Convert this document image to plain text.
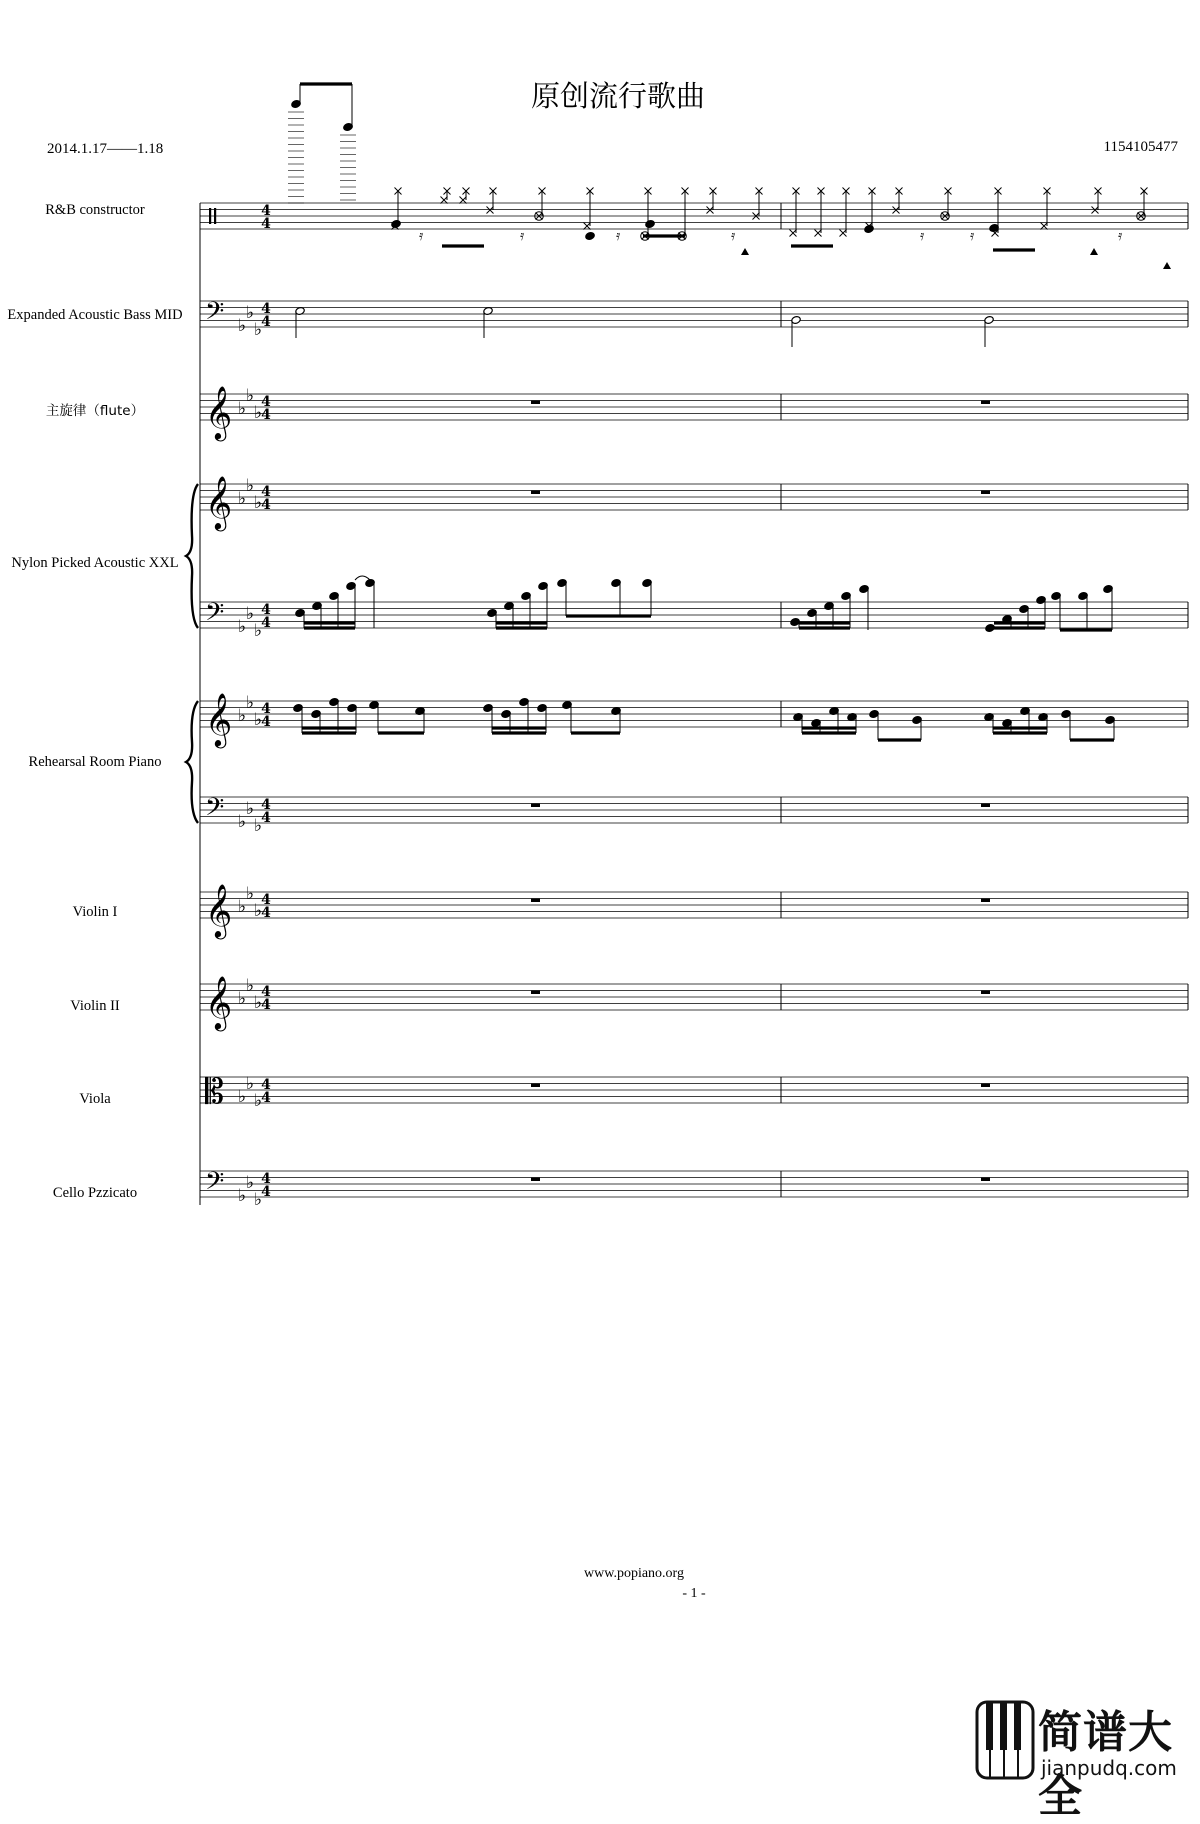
4
4
𝄢 ♭
♭
♭
4
4
𝄞 ♭
♭
♭
4
4
𝄞 ♭
♭
♭
4
4
𝄢 ♭
♭
♭
4
4
𝄞 ♭
♭
♭
4
4
𝄢 ♭
♭
♭
4
4
𝄞 ♭
♭
♭
4
4
𝄞 ♭
♭
♭
4
4
𝄡 ♭
♭
♭
4
4
𝄢 ♭
♭
♭
4
4
𝄿	𝄿	𝄿	𝄿	𝄿	𝄿	𝄿
原创流行歌曲
2014.1.17——1.18	1154105477
R&B constructor
Expanded Acoustic Bass MID
主旋律（flute）
Nylon Picked Acoustic XXL
Rehearsal Room Piano
Violin I
Violin II
Viola
Cello Pzzicato
www.popiano.org
- 1 -
简谱大全
jianpudq.com
